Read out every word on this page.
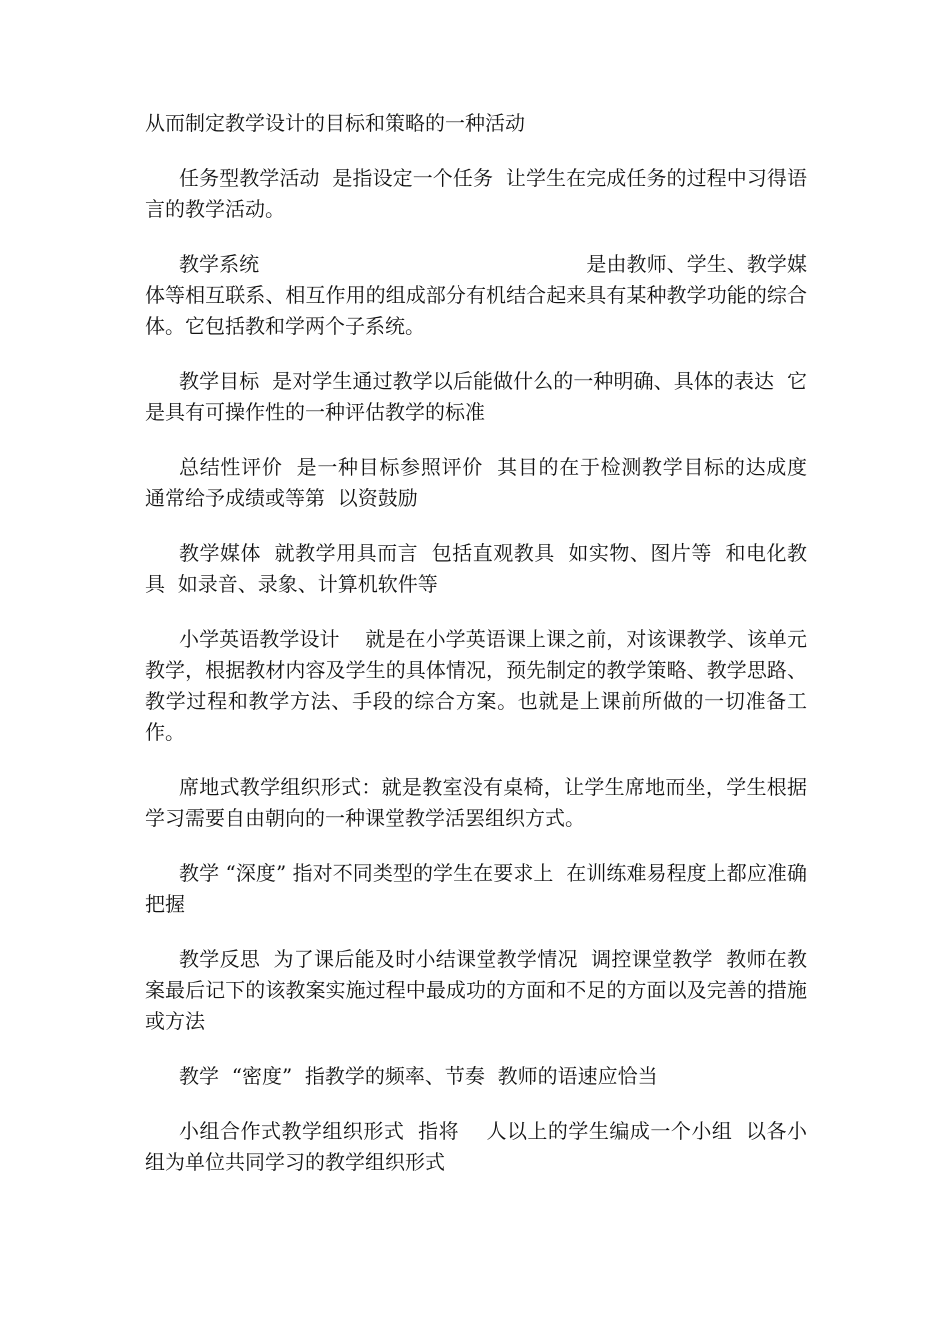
从而制定教学设计的目标和策略的一种活动

任务型教学活动  是指设定一个任务  让学生在完成任务的过程中习得语言的教学活动。

教学系统                                                   是由教师、学生、教学媒体等相互联系、相互作用的组成部分有机结合起来具有某种教学功能的综合体。它包括教和学两个子系统。

教学目标  是对学生通过教学以后能做什么的一种明确、具体的表达  它是具有可操作性的一种评估教学的标准

总结性评价  是一种目标参照评价  其目的在于检测教学目标的达成度  通常给予成绩或等第  以资鼓励

教学媒体  就教学用具而言  包括直观教具  如实物、图片等  和电化教具  如录音、录象、计算机软件等

小学英语教学设计    就是在小学英语课上课之前，对该课教学、该单元教学，根据教材内容及学生的具体情况，预先制定的教学策略、教学思路、教学过程和教学方法、手段的综合方案。也就是上课前所做的一切准备工作。

席地式教学组织形式：就是教室没有桌椅，让学生席地而坐，学生根据学习需要自由朝向的一种课堂教学活罢组织方式。

教学 “深度” 指对不同类型的学生在要求上  在训练难易程度上都应准确把握

教学反思  为了课后能及时小结课堂教学情况  调控课堂教学  教师在教案最后记下的该教案实施过程中最成功的方面和不足的方面以及完善的措施或方法

教学  “密度”  指教学的频率、节奏  教师的语速应恰当

小组合作式教学组织形式  指将    人以上的学生编成一个小组  以各小组为单位共同学习的教学组织形式
